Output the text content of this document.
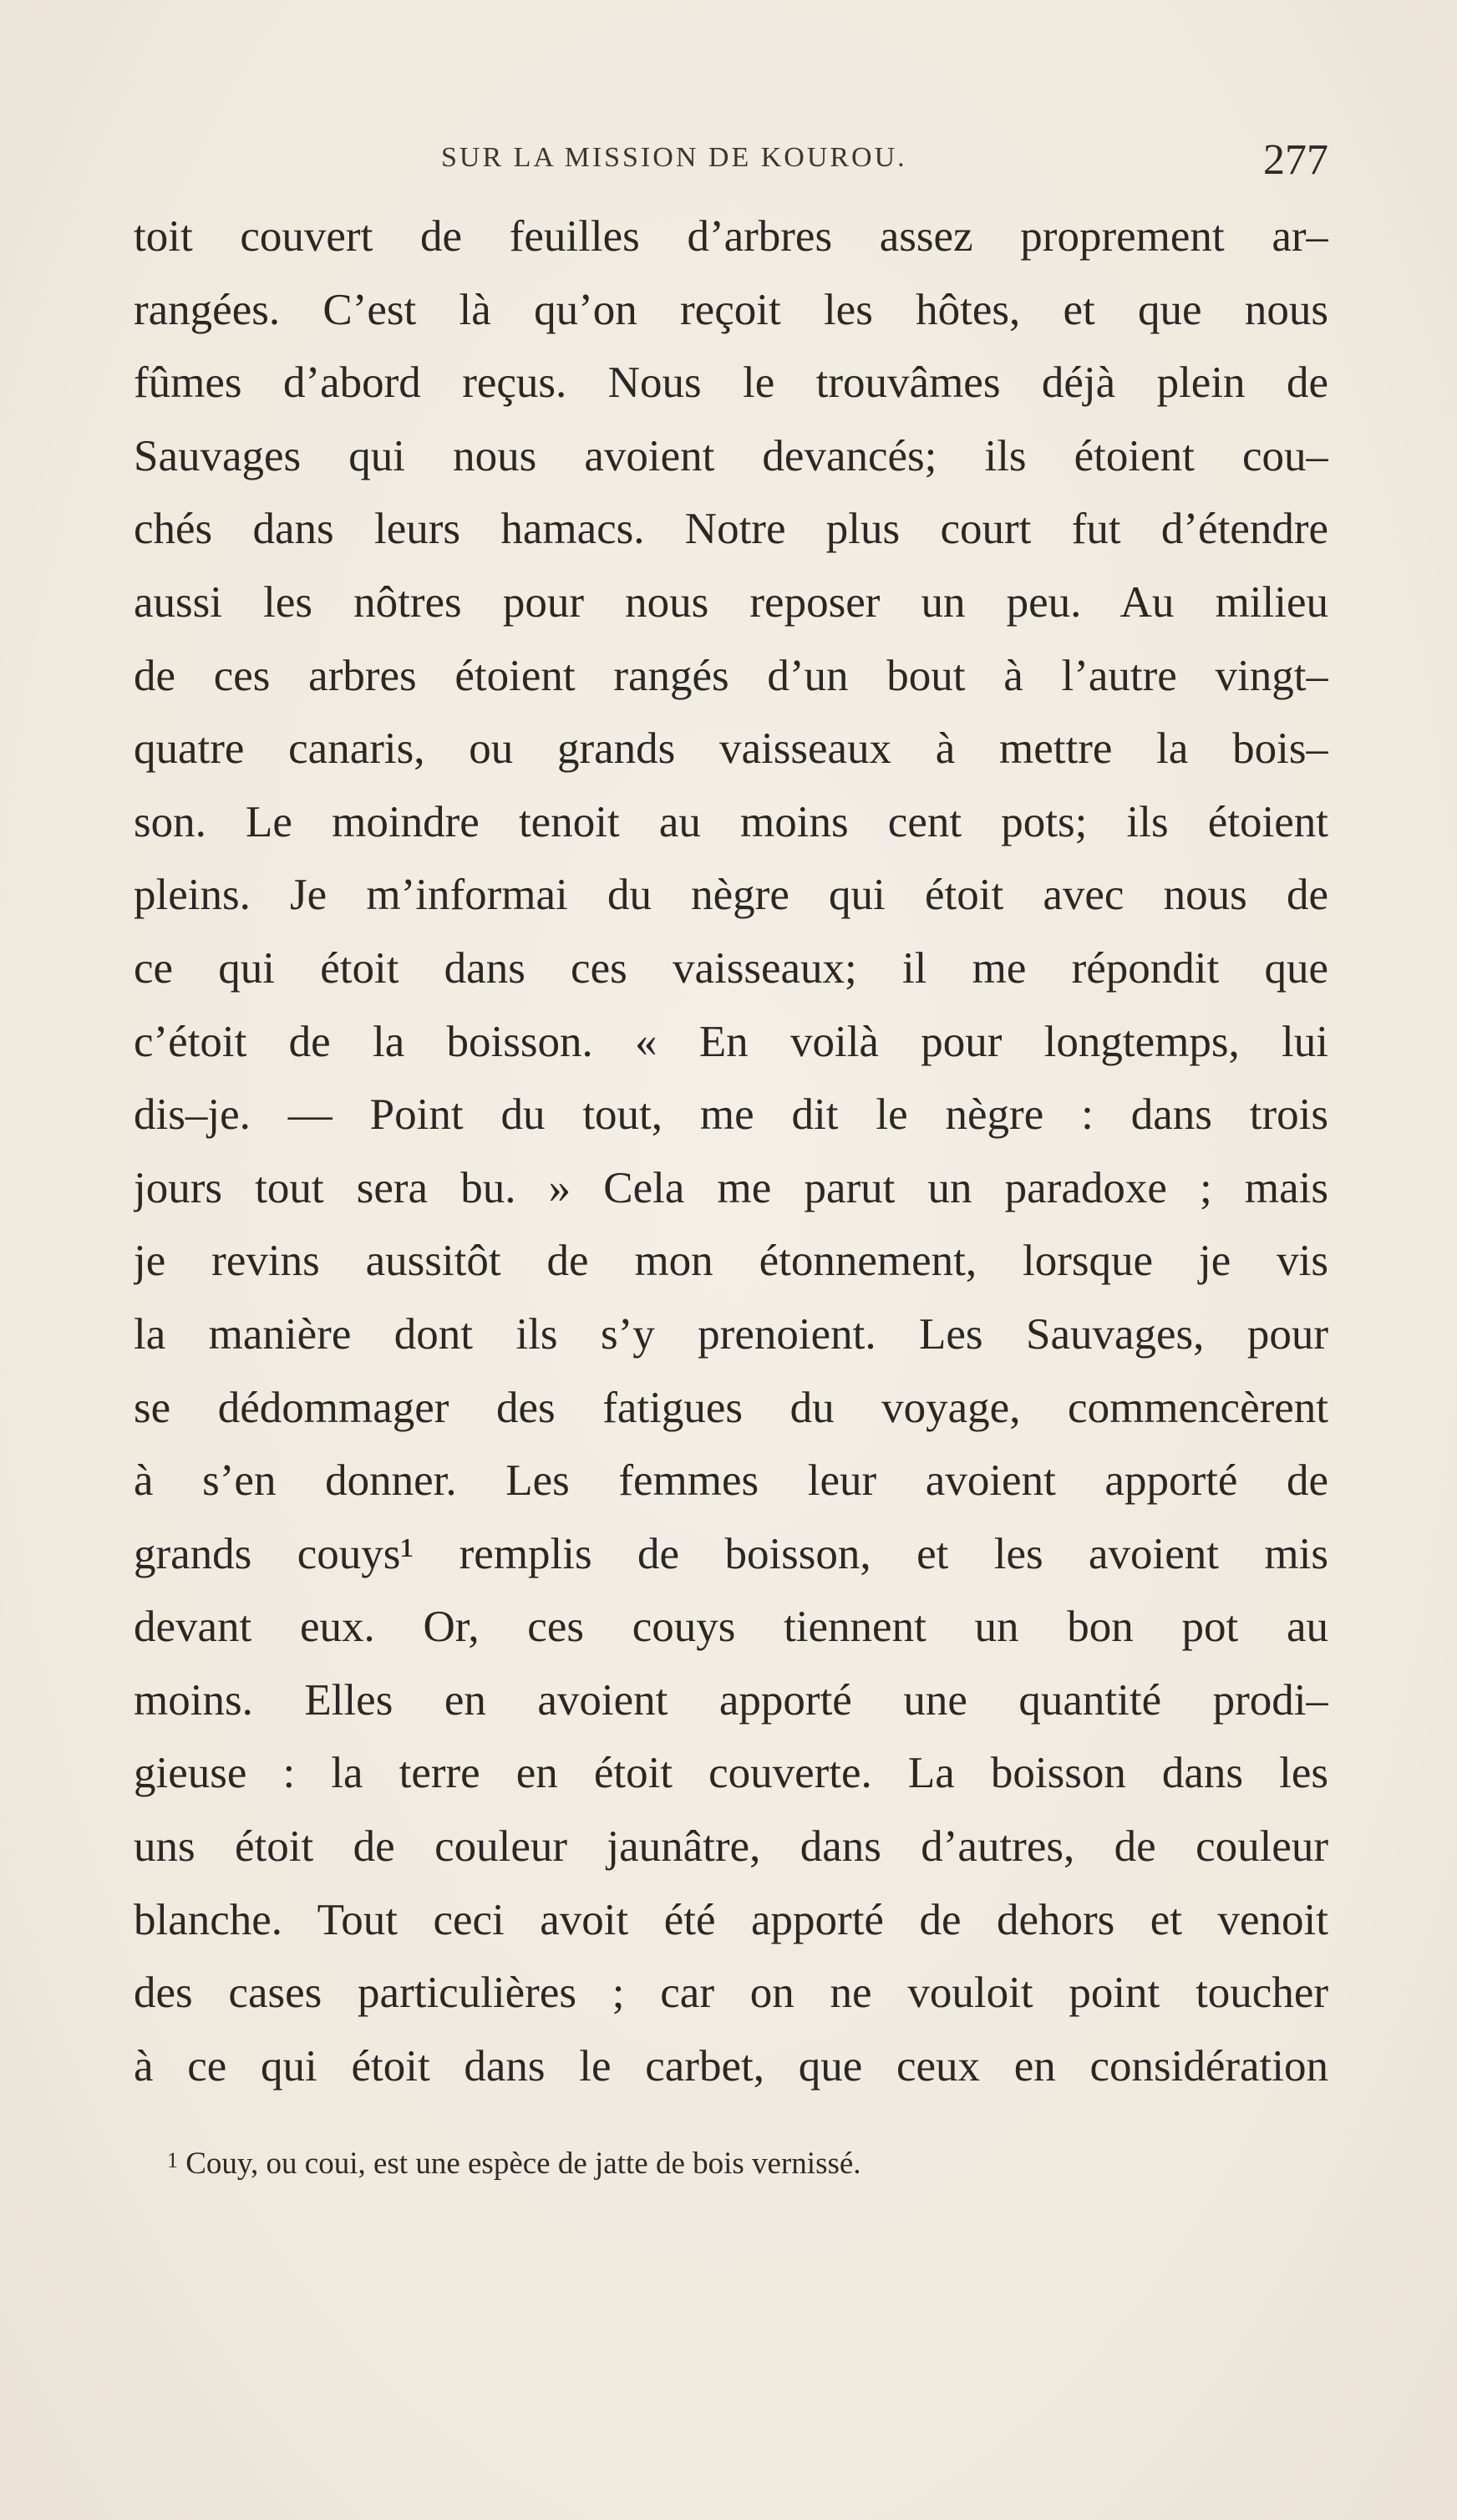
SUR LA MISSION DE KOUROU.	277
toit couvert de feuilles d’arbres assez proprement ar–
rangées. C’est là qu’on reçoit les hôtes, et que nous
fûmes d’abord reçus. Nous le trouvâmes déjà plein de
Sauvages qui nous avoient devancés; ils étoient cou–
chés dans leurs hamacs. Notre plus court fut d’étendre
aussi les nôtres pour nous reposer un peu. Au milieu
de ces arbres étoient rangés d’un bout à l’autre vingt–
quatre canaris, ou grands vaisseaux à mettre la bois–
son. Le moindre tenoit au moins cent pots; ils étoient
pleins. Je m’informai du nègre qui étoit avec nous de
ce qui étoit dans ces vaisseaux; il me répondit que
c’étoit de la boisson. « En voilà pour longtemps, lui
dis–je. — Point du tout, me dit le nègre : dans trois
jours tout sera bu. » Cela me parut un paradoxe ; mais
je revins aussitôt de mon étonnement, lorsque je vis
la manière dont ils s’y prenoient. Les Sauvages, pour
se dédommager des fatigues du voyage, commencèrent
à s’en donner. Les femmes leur avoient apporté de
grands couys¹ remplis de boisson, et les avoient mis
devant eux. Or, ces couys tiennent un bon pot au
moins. Elles en avoient apporté une quantité prodi–
gieuse : la terre en étoit couverte. La boisson dans les
uns étoit de couleur jaunâtre, dans d’autres, de couleur
blanche. Tout ceci avoit été apporté de dehors et venoit
des cases particulières ; car on ne vouloit point toucher
à ce qui étoit dans le carbet, que ceux en considération
$^1$ Couy, ou coui, est une espèce de jatte de bois vernissé.
